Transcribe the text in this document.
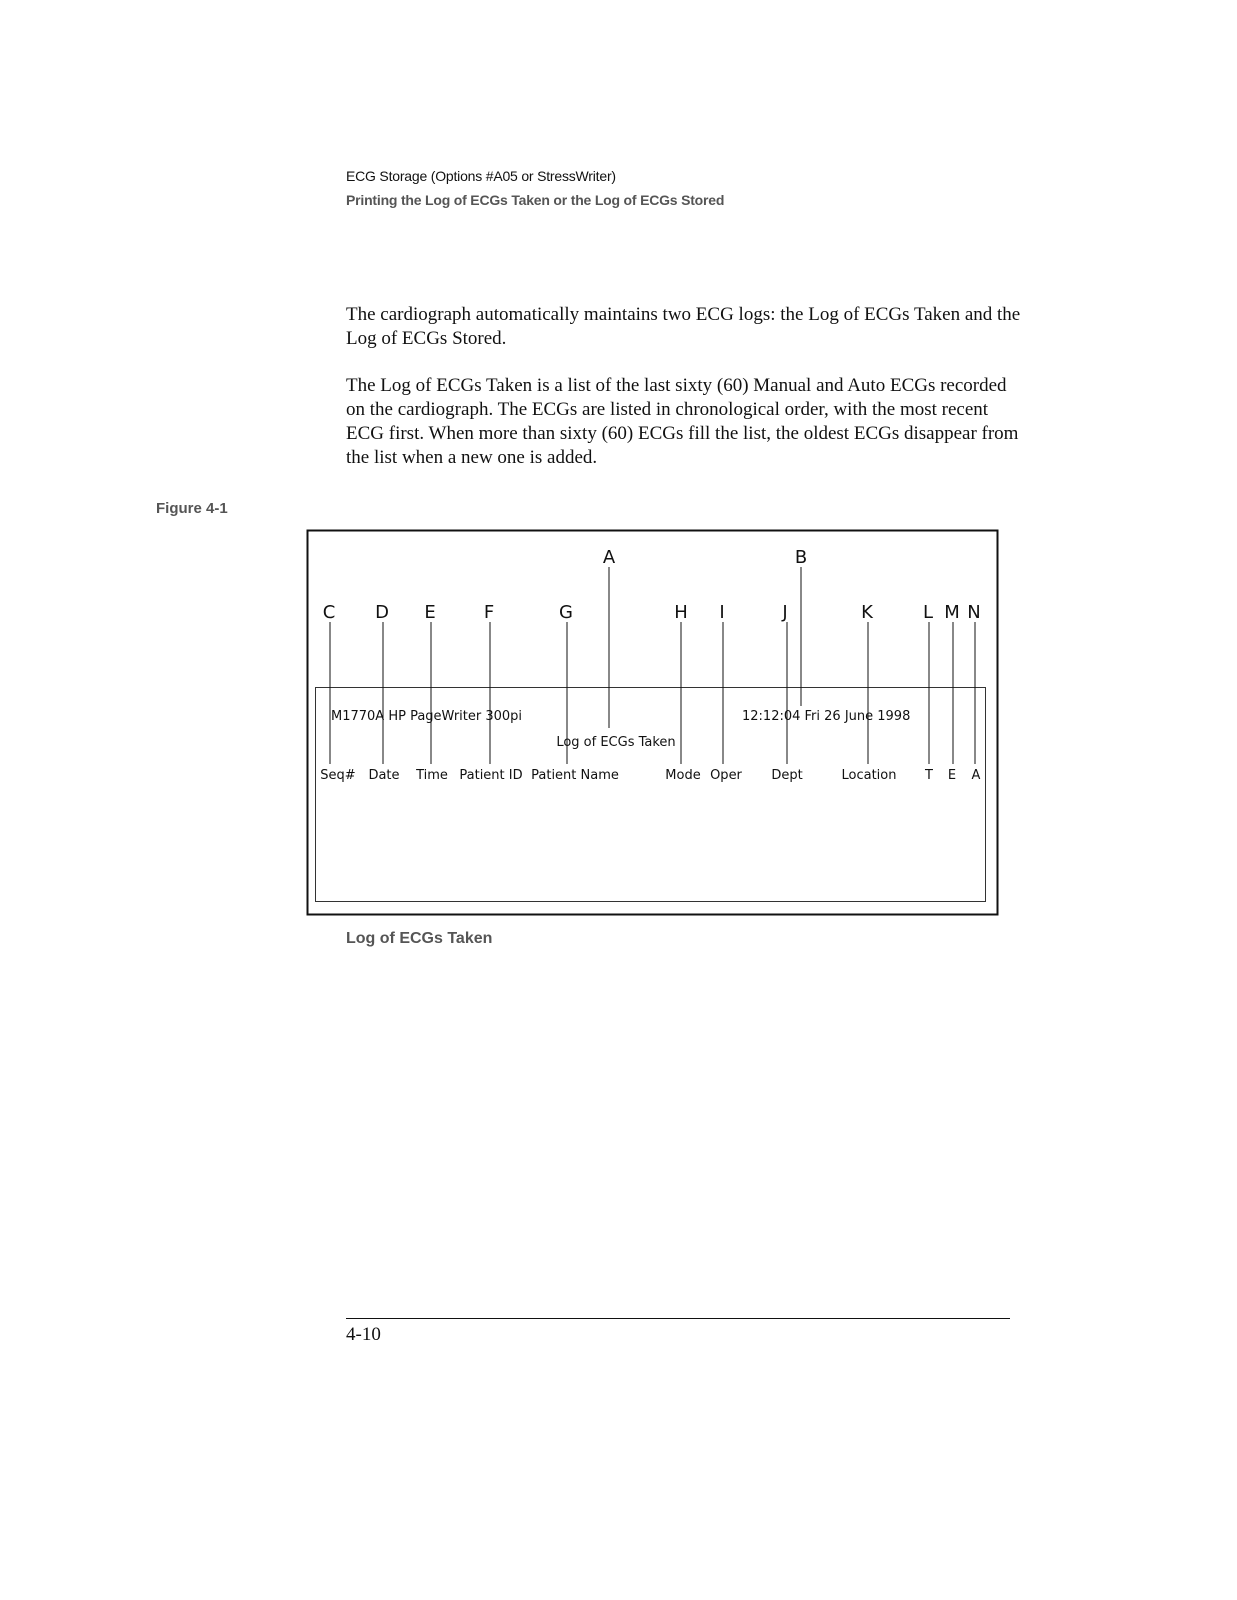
ECG Storage (Options #A05 or StressWriter)
Printing the Log of ECGs Taken or the Log of ECGs Stored

The cardiograph automatically maintains two ECG logs: the Log of ECGs Taken and the Log of ECGs Stored.

The Log of ECGs Taken is a list of the last sixty (60) Manual and Auto ECGs recorded on the cardiograph. The ECGs are listed in chronological order, with the most recent ECG first. When more than sixty (60) ECGs fill the list, the oldest ECGs disappear from the list when a new one is added.

Figure 4-1
A	B
C D E	F	G	H I	J	K	L M N
M1770A HP PageWriter 300pi	12:12:04 Fri 26 June 1998
Log of ECGs Taken
Seq# Date Time Patient ID Patient Name	Mode Oper Dept	Location T E A
Log of ECGs Taken
4-10
